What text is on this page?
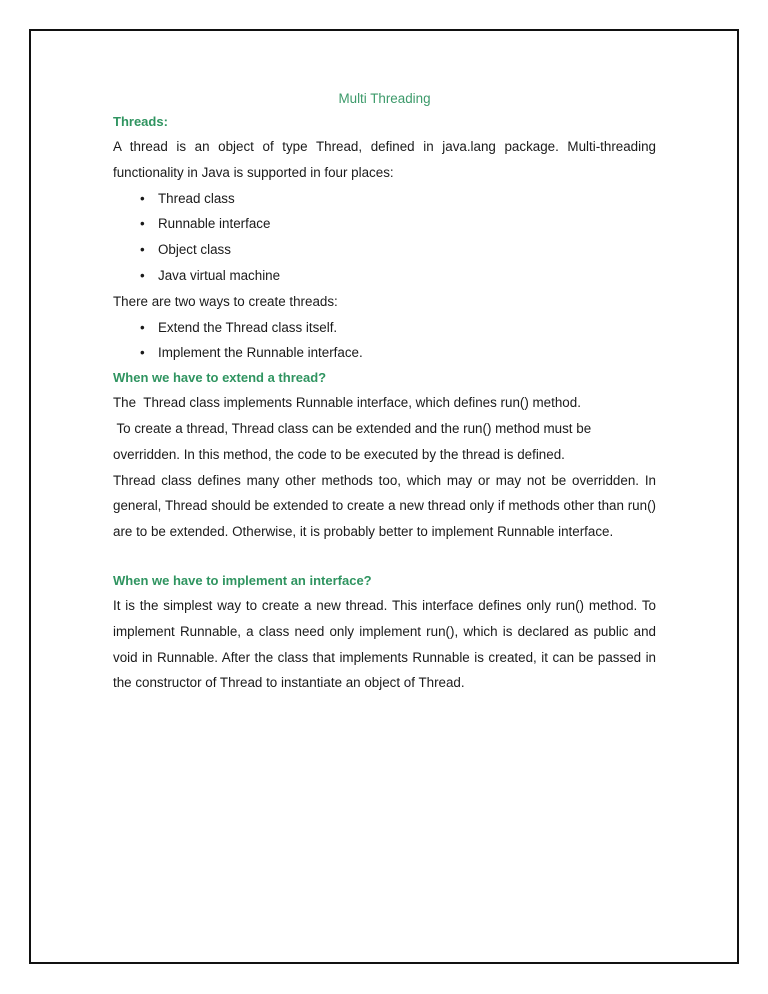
Multi Threading

Threads:

A thread is an object of type Thread, defined in java.lang package. Multi-threading functionality in Java is supported in four places:

• Thread class
• Runnable interface
• Object class
• Java virtual machine

There are two ways to create threads:

• Extend the Thread class itself.
• Implement the Runnable interface.

When we have to extend a thread?

The  Thread class implements Runnable interface, which defines run() method.

To create a thread, Thread class can be extended and the run() method must be

overridden. In this method, the code to be executed by the thread is defined.

Thread class defines many other methods too, which may or may not be overridden. In general, Thread should be extended to create a new thread only if methods other than run() are to be extended. Otherwise, it is probably better to implement Runnable interface.

When we have to implement an interface?

It is the simplest way to create a new thread. This interface defines only run() method. To implement Runnable, a class need only implement run(), which is declared as public and void in Runnable. After the class that implements Runnable is created, it can be passed in the constructor of Thread to instantiate an object of Thread.
